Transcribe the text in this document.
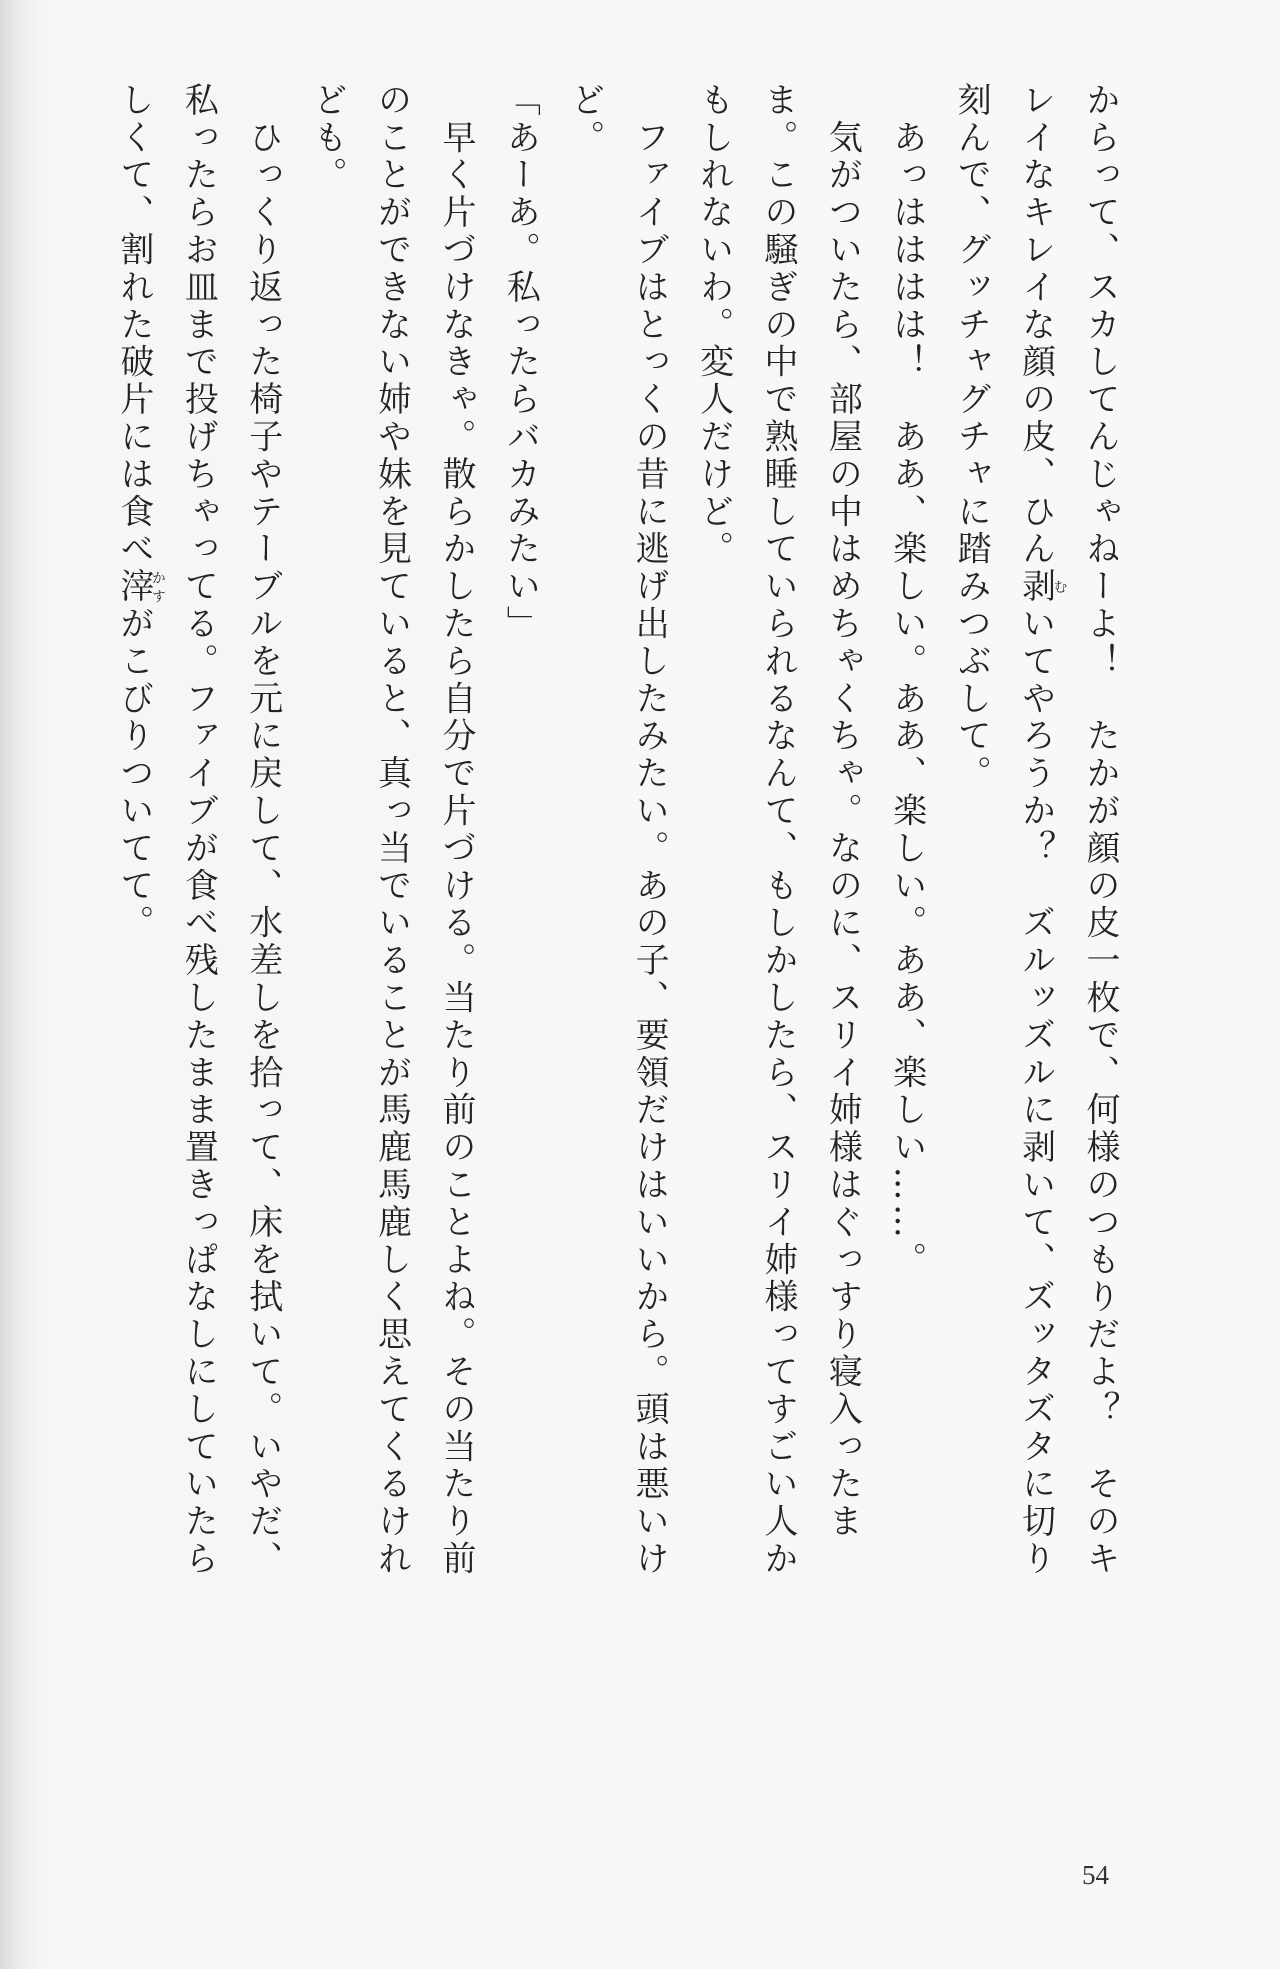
からって、スカしてんじゃねーよ！　たかが顔の皮一枚で、何様のつもりだよ？　そのキ
レイなキレイな顔の皮、ひん剥むいてやろうか？　ズルッズルに剥いて、ズッタズタに切り
刻んで、グッチャグチャに踏みつぶして。
　あっはははは！　ああ、楽しい。ああ、楽しい。ああ、楽しい……。
　気がついたら、部屋の中はめちゃくちゃ。なのに、スリイ姉様はぐっすり寝入ったま
ま。この騒ぎの中で熟睡していられるなんて、もしかしたら、スリイ姉様ってすごい人か
もしれないわ。変人だけど。
　ファイブはとっくの昔に逃げ出したみたい。あの子、要領だけはいいから。頭は悪いけ
ど。
「あーあ。私ったらバカみたい」
　早く片づけなきゃ。散らかしたら自分で片づける。当たり前のことよね。その当たり前
のことができない姉や妹を見ていると、真っ当でいることが馬鹿馬鹿しく思えてくるけれ
ども。
　ひっくり返った椅子やテーブルを元に戻して、水差しを拾って、床を拭いて。いやだ、
私ったらお皿まで投げちゃってる。ファイブが食べ残したまま置きっぱなしにしていたら
しくて、割れた破片には食べ滓かすがこびりついてて。
54
